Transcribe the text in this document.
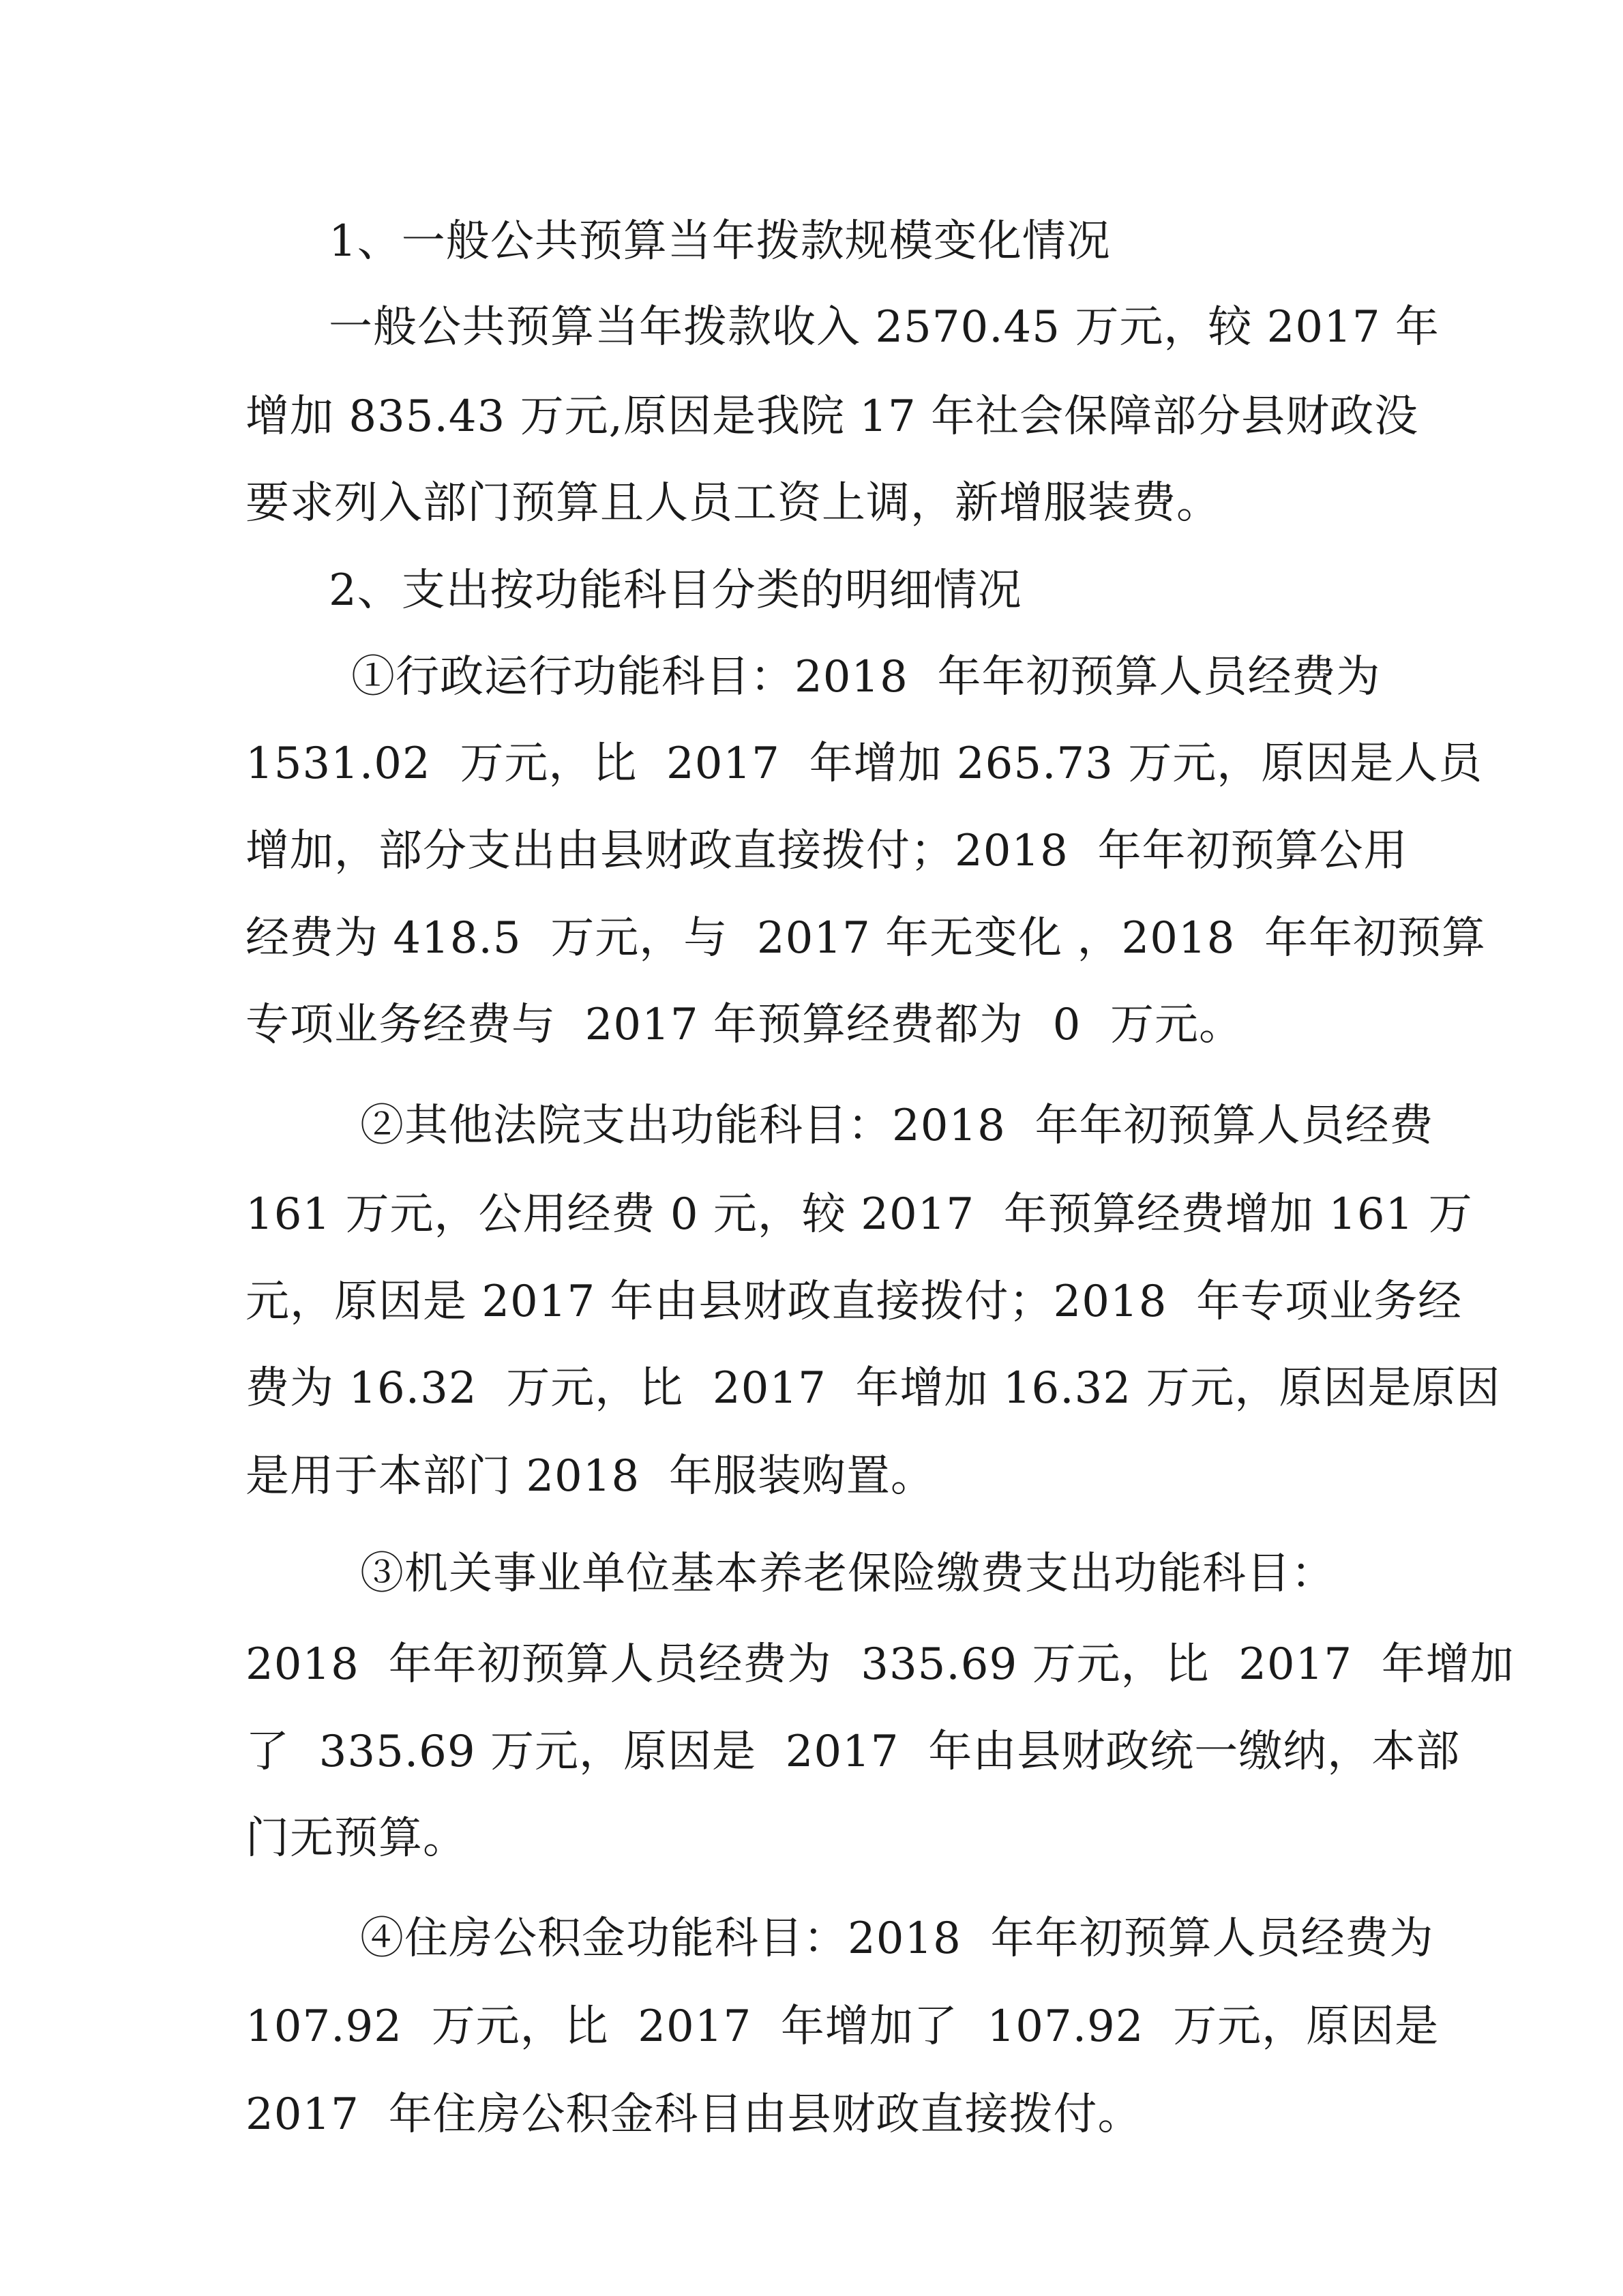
1、一般公共预算当年拨款规模变化情况
一般公共预算当年拨款收入 2570.45 万元，较 2017 年
增加 835.43 万元,原因是我院 17 年社会保障部分县财政没
要求列入部门预算且人员工资上调，新增服装费。
2、支出按功能科目分类的明细情况
①行政运行功能科目：2018  年年初预算人员经费为
1531.02  万元，比  2017  年增加 265.73 万元，原因是人员
增加，部分支出由县财政直接拨付；2018  年年初预算公用
经费为 418.5  万元，与  2017 年无变化 ，2018  年年初预算
专项业务经费与  2017 年预算经费都为  0  万元。
②其他法院支出功能科目：2018  年年初预算人员经费
161 万元，公用经费 0 元，较 2017  年预算经费增加 161 万
元，原因是 2017 年由县财政直接拨付；2018  年专项业务经
费为 16.32  万元，比  2017  年增加 16.32 万元，原因是原因
是用于本部门 2018  年服装购置。
③机关事业单位基本养老保险缴费支出功能科目：
2018  年年初预算人员经费为  335.69 万元，比  2017  年增加
了  335.69 万元，原因是  2017  年由县财政统一缴纳，本部
门无预算。
④住房公积金功能科目：2018  年年初预算人员经费为
107.92  万元，比  2017  年增加了  107.92  万元，原因是
2017  年住房公积金科目由县财政直接拨付。
